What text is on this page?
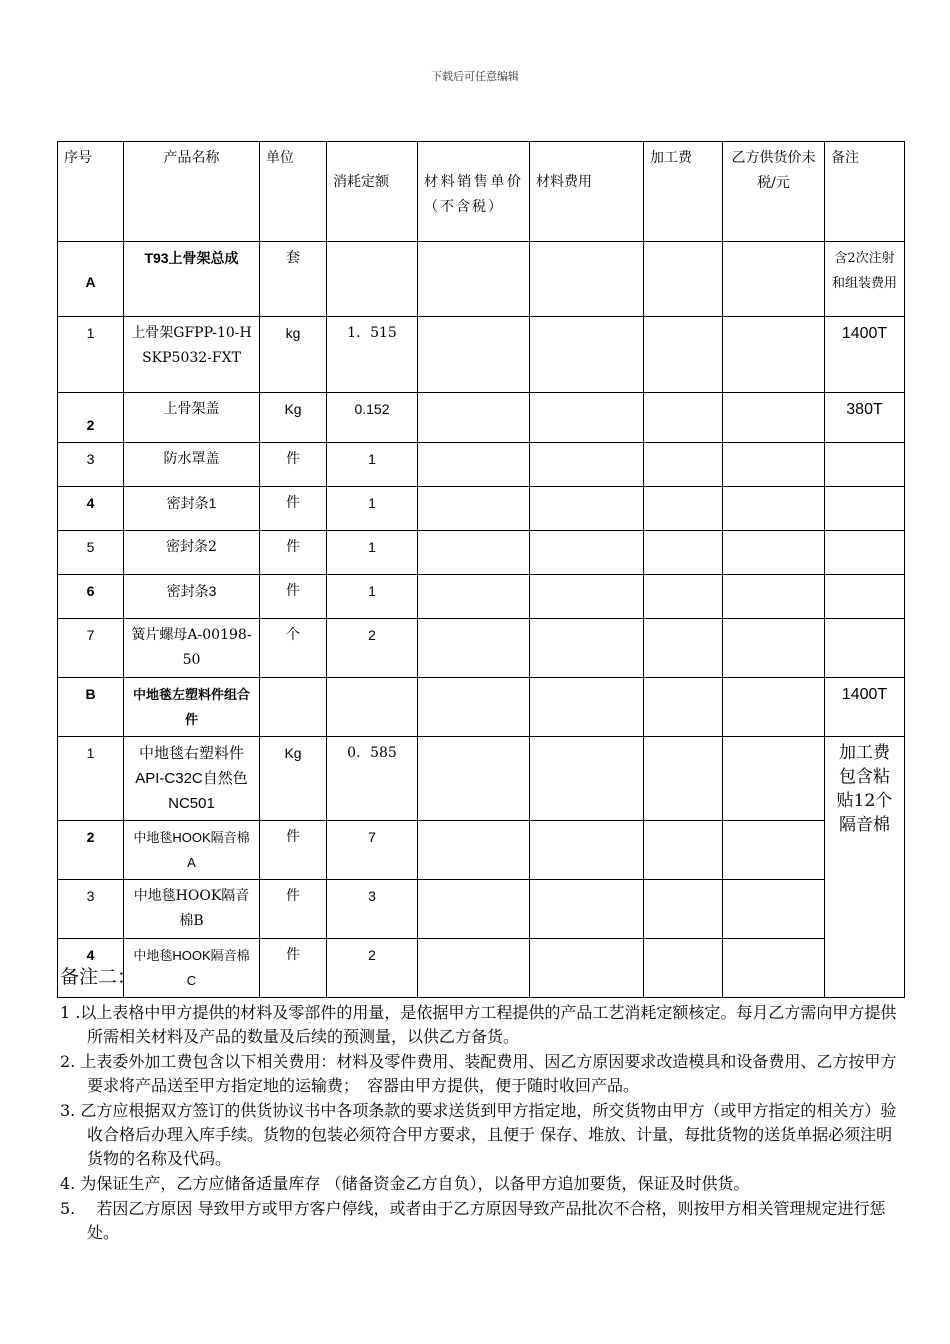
下载后可任意编辑
序号	产品名称	单位	消耗定额	材料销售单价（不含税）	材料费用	加工费	乙方供货价未税/元	备注
A	T93上骨架总成	套						含2次注射和组装费用
1	上骨架GFPP-10-HSKP5032-FXT	kg	1．515					1400T
2	上骨架盖	Kg	0.152					380T
3	防水罩盖	件	1					
4	密封条1	件	1					
5	密封条2	件	1					
6	密封条3	件	1					
7	簧片螺母A-00198-50	个	2					
B	中地毯左塑料件组合件							1400T
1	中地毯右塑料件API-C32C自然色NC501	Kg	0．585					加工费包含粘贴12个隔音棉
2	中地毯HOOK隔音棉A	件	7					
3	中地毯HOOK隔音棉B	件	3					
4	中地毯HOOK隔音棉C	件	2					
备注二：
1 .以上表格中甲方提供的材料及零部件的用量，是依据甲方工程提供的产品工艺消耗定额核定。每月乙方需向甲方提供所需相关材料及产品的数量及后续的预测量，以供乙方备货。
2. 上表委外加工费包含以下相关费用：材料及零件费用、装配费用、因乙方原因要求改造模具和设备费用、乙方按甲方要求将产品送至甲方指定地的运输费；　容器由甲方提供，便于随时收回产品。
3. 乙方应根据双方签订的供货协议书中各项条款的要求送货到甲方指定地，所交货物由甲方（或甲方指定的相关方）验收合格后办理入库手续。货物的包装必须符合甲方要求，且便于 保存、堆放、计量，每批货物的送货单据必须注明货物的名称及代码。
4. 为保证生产，乙方应储备适量库存 （储备资金乙方自负），以备甲方追加要货，保证及时供货。
5.　 若因乙方原因 导致甲方或甲方客户停线，或者由于乙方原因导致产品批次不合格，则按甲方相关管理规定进行惩处。
